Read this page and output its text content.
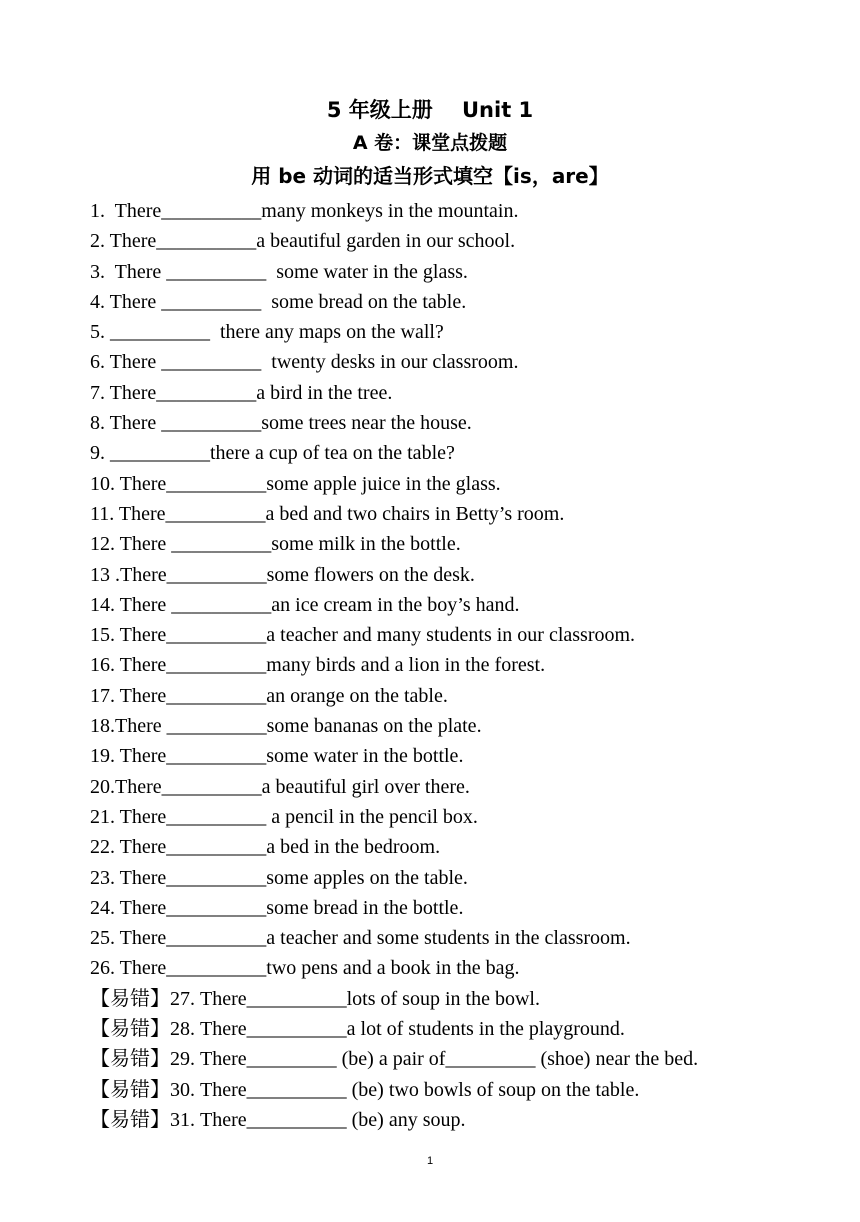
5 年级上册    Unit 1
A 卷：课堂点拨题
用 be 动词的适当形式填空【is，are】
1.  There__________many monkeys in the mountain.
2. There__________a beautiful garden in our school.
3.  There __________  some water in the glass.
4. There __________  some bread on the table.
5. __________  there any maps on the wall?
6. There __________  twenty desks in our classroom.
7. There__________a bird in the tree.
8. There __________some trees near the house.
9. __________there a cup of tea on the table?
10. There__________some apple juice in the glass.
11. There__________a bed and two chairs in Betty’s room.
12. There __________some milk in the bottle.
13 .There__________some flowers on the desk.
14. There __________an ice cream in the boy’s hand.
15. There__________a teacher and many students in our classroom.
16. There__________many birds and a lion in the forest.
17. There__________an orange on the table.
18.There __________some bananas on the plate.
19. There__________some water in the bottle.
20.There__________a beautiful girl over there.
21. There__________ a pencil in the pencil box.
22. There__________a bed in the bedroom.
23. There__________some apples on the table.
24. There__________some bread in the bottle.
25. There__________a teacher and some students in the classroom.
26. There__________two pens and a book in the bag.
【易错】27. There__________lots of soup in the bowl.
【易错】28. There__________a lot of students in the playground.
【易错】29. There_________ (be) a pair of_________ (shoe) near the bed.
【易错】30. There__________ (be) two bowls of soup on the table.
【易错】31. There__________ (be) any soup.
1
